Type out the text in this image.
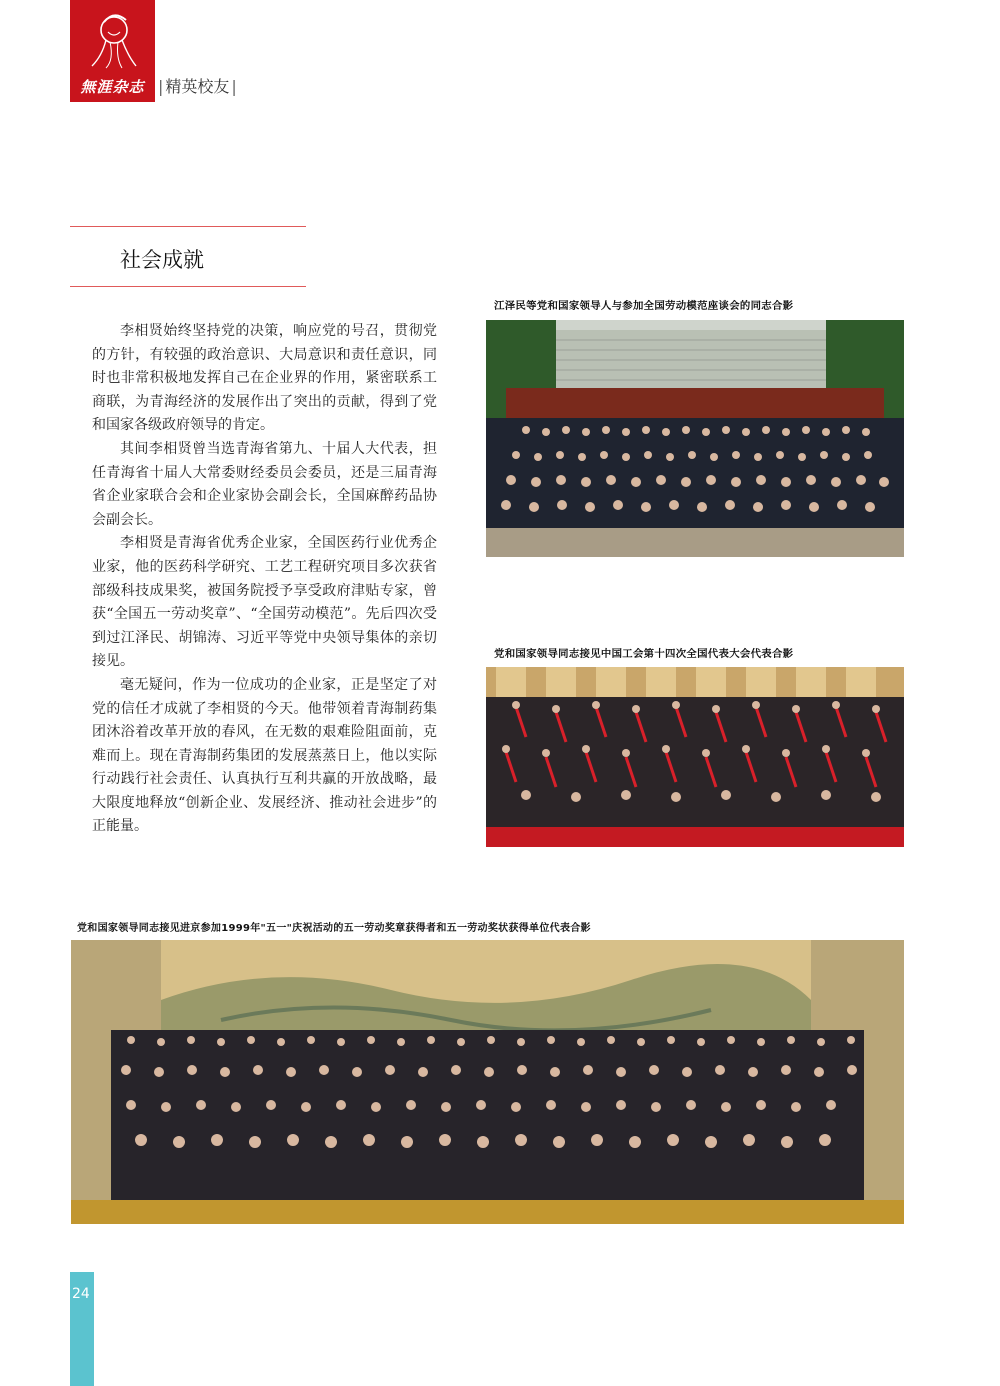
無涯杂志 | 精英校友 |
社会成就

李相贤始终坚持党的决策，响应党的号召，贯彻党的方针，有较强的政治意识、大局意识和责任意识，同时也非常积极地发挥自己在企业界的作用，紧密联系工商联，为青海经济的发展作出了突出的贡献，得到了党和国家各级政府领导的肯定。

其间李相贤曾当选青海省第九、十届人大代表，担任青海省十届人大常委财经委员会委员，还是三届青海省企业家联合会和企业家协会副会长，全国麻醉药品协会副会长。

李相贤是青海省优秀企业家，全国医药行业优秀企业家，他的医药科学研究、工艺工程研究项目多次获省部级科技成果奖，被国务院授予享受政府津贴专家，曾获“全国五一劳动奖章”、“全国劳动模范”。先后四次受到过江泽民、胡锦涛、习近平等党中央领导集体的亲切接见。

毫无疑问，作为一位成功的企业家，正是坚定了对党的信任才成就了李相贤的今天。他带领着青海制药集团沐浴着改革开放的春风，在无数的艰难险阻面前，克难而上。现在青海制药集团的发展蒸蒸日上，他以实际行动践行社会责任、认真执行互利共赢的开放战略，最大限度地释放“创新企业、发展经济、推动社会进步”的正能量。

江泽民等党和国家领导人与参加全国劳动模范座谈会的同志合影
党和国家领导同志接见中国工会第十四次全国代表大会代表合影
党和国家领导同志接见进京参加1999年"五一"庆祝活动的五一劳动奖章获得者和五一劳动奖状获得单位代表合影
24
